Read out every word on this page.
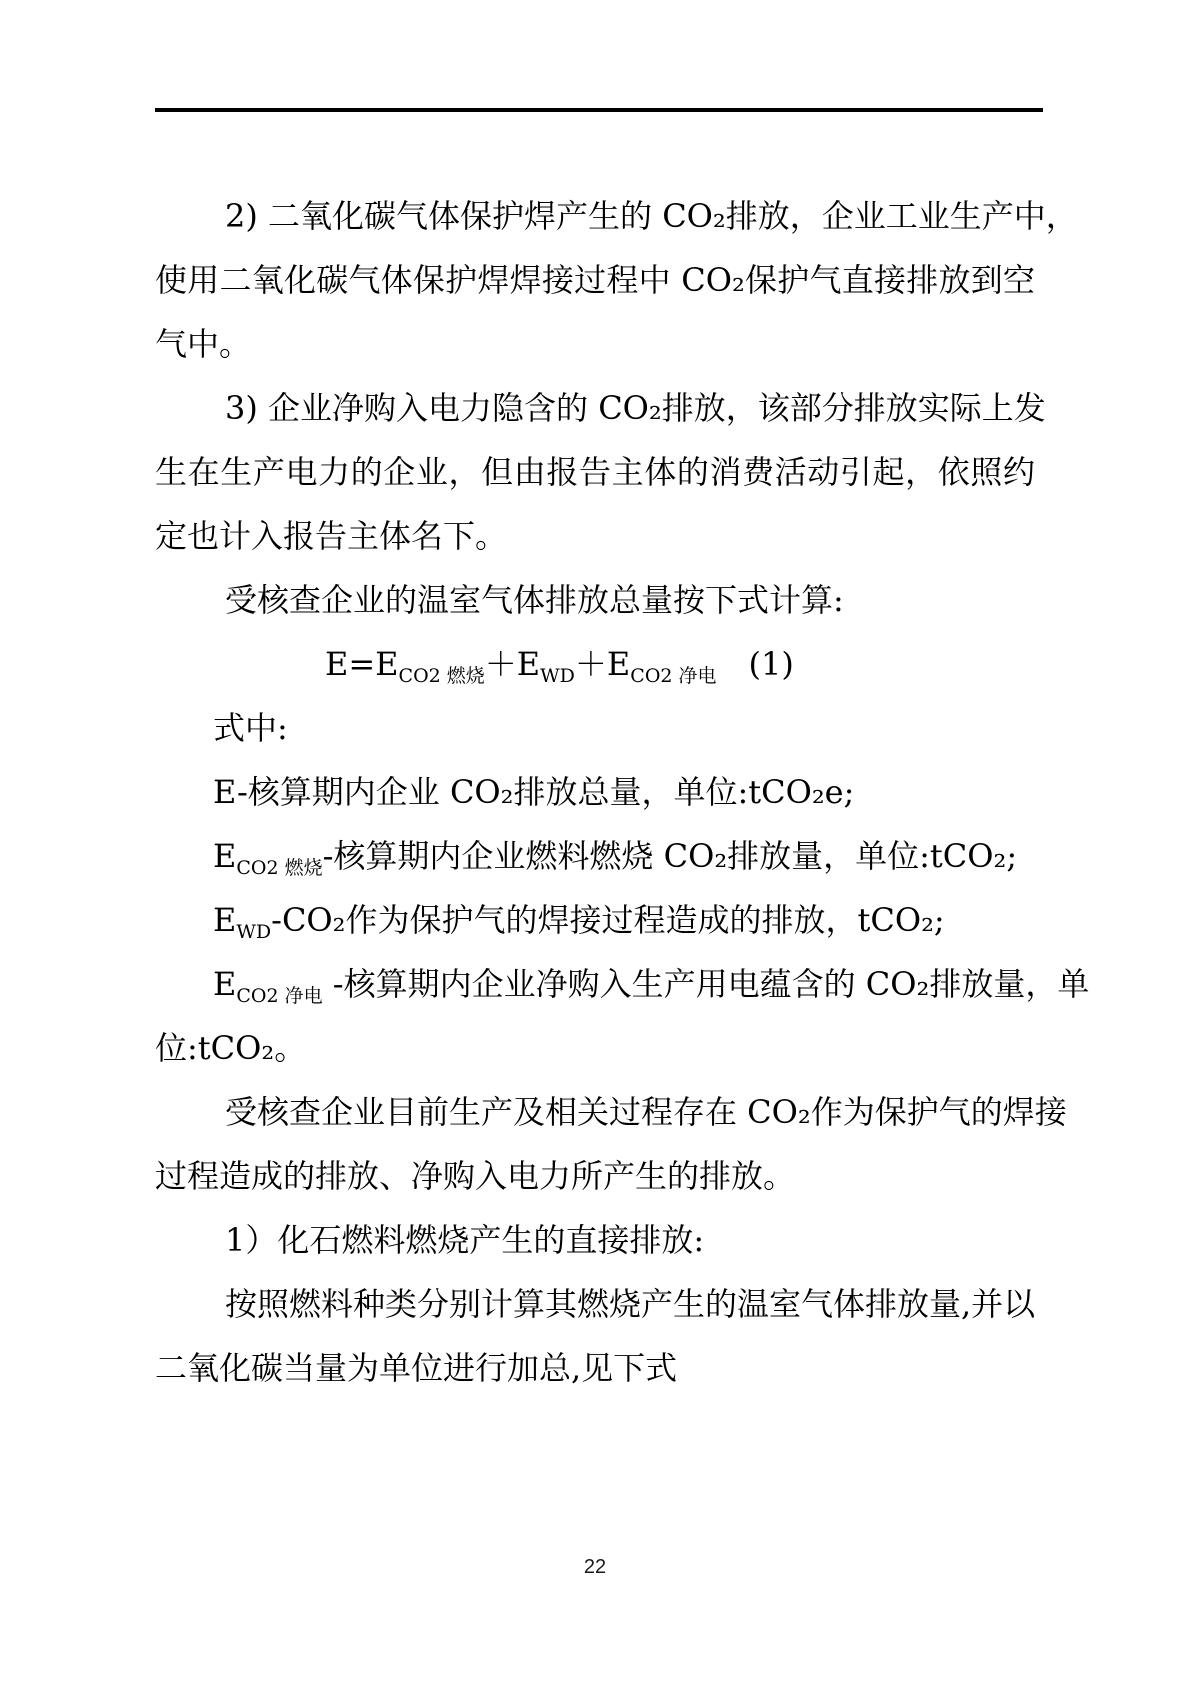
2) 二氧化碳气体保护焊产生的 CO₂排放，企业工业生产中，
使用二氧化碳气体保护焊焊接过程中 CO₂保护气直接排放到空
气中。
3) 企业净购入电力隐含的 CO₂排放，该部分排放实际上发
生在生产电力的企业，但由报告主体的消费活动引起，依照约
定也计入报告主体名下。
受核查企业的温室气体排放总量按下式计算:
$E=E_{CO2 燃烧}+E_{WD}+E_{CO2 净电}$　(1)
式中:
E-核算期内企业 CO₂排放总量，单位:tCO₂e;
$E_{CO2 燃烧}-$核算期内企业燃料燃烧 CO₂排放量，单位:tCO₂;
$E_{WD}$-CO₂作为保护气的焊接过程造成的排放，tCO₂;
$E_{CO2 净电}$ -核算期内企业净购入生产用电蕴含的 CO₂排放量，单
位:tCO₂。
受核查企业目前生产及相关过程存在 CO₂作为保护气的焊接
过程造成的排放、净购入电力所产生的排放。
1）化石燃料燃烧产生的直接排放:
按照燃料种类分别计算其燃烧产生的温室气体排放量,并以
二氧化碳当量为单位进行加总,见下式
22
